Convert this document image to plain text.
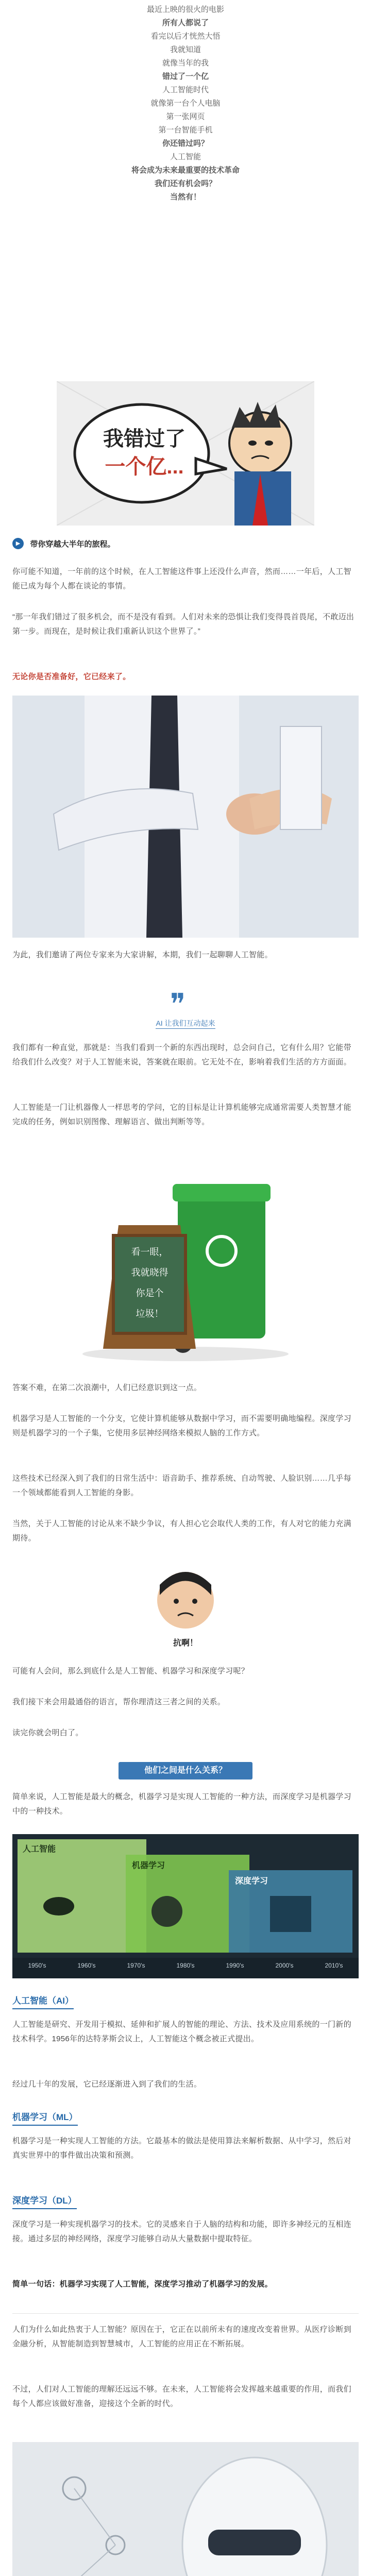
最近上映的很火的电影

所有人都说了

看完以后才恍然大悟

我就知道

就像当年的我

错过了一个亿

人工智能时代

就像第一台个人电脑

第一张网页

第一台智能手机

你还错过吗？

人工智能

将会成为未来最重要的技术革命

我们还有机会吗？

当然有！

我错过了
一个亿...
▶ 带你穿越大半年的旅程。

你可能不知道，一年前的这个时候，在人工智能这件事上还没什么声音，然而……一年后，人工智能已成为每个人都在谈论的事情。

“那一年我们错过了很多机会，而不是没有看到。人们对未来的恐惧让我们变得畏首畏尾，不敢迈出第一步。而现在，是时候让我们重新认识这个世界了。”

无论你是否准备好，它已经来了。

为此，我们邀请了两位专家来为大家讲解，本期，我们一起聊聊人工智能。

❞
AI 让我们互动起来

我们都有一种直觉，那就是：当我们看到一个新的东西出现时，总会问自己，它有什么用？它能带给我们什么改变？对于人工智能来说，答案就在眼前。它无处不在，影响着我们生活的方方面面。

人工智能是一门让机器像人一样思考的学问，它的目标是让计算机能够完成通常需要人类智慧才能完成的任务，例如识别图像、理解语言、做出判断等等。

看一眼，
我就晓得
你是个
垃圾！

答案不难，在第二次浪潮中，人们已经意识到这一点。

机器学习是人工智能的一个分支，它使计算机能够从数据中学习，而不需要明确地编程。深度学习则是机器学习的一个子集，它使用多层神经网络来模拟人脑的工作方式。

这些技术已经深入到了我们的日常生活中：语音助手、推荐系统、自动驾驶、人脸识别……几乎每一个领域都能看到人工智能的身影。

当然，关于人工智能的讨论从来不缺少争议，有人担心它会取代人类的工作，有人对它的能力充满期待。

抗啊！

可能有人会问，那么到底什么是人工智能、机器学习和深度学习呢？

我们接下来会用最通俗的语言，帮你理清这三者之间的关系。

读完你就会明白了。

他们之间是什么关系？

简单来说，人工智能是最大的概念，机器学习是实现人工智能的一种方法，而深度学习是机器学习中的一种技术。

人工智能
机器学习
深度学习
1950's	1960's	1970's	1980's	1990's	2000's	2010's
人工智能（AI）

人工智能是研究、开发用于模拟、延伸和扩展人的智能的理论、方法、技术及应用系统的一门新的技术科学。1956年的达特茅斯会议上，人工智能这个概念被正式提出。

经过几十年的发展，它已经逐渐进入到了我们的生活。

机器学习（ML）

机器学习是一种实现人工智能的方法。它最基本的做法是使用算法来解析数据、从中学习，然后对真实世界中的事件做出决策和预测。

深度学习（DL）

深度学习是一种实现机器学习的技术。它的灵感来自于人脑的结构和功能，即许多神经元的互相连接。通过多层的神经网络，深度学习能够自动从大量数据中提取特征。

简单一句话：机器学习实现了人工智能，深度学习推动了机器学习的发展。

人们为什么如此热衷于人工智能？原因在于，它正在以前所未有的速度改变着世界。从医疗诊断到金融分析，从智能制造到智慧城市，人工智能的应用正在不断拓展。

不过，人们对人工智能的理解还远远不够。在未来，人工智能将会发挥越来越重要的作用，而我们每个人都应该做好准备，迎接这个全新的时代。
